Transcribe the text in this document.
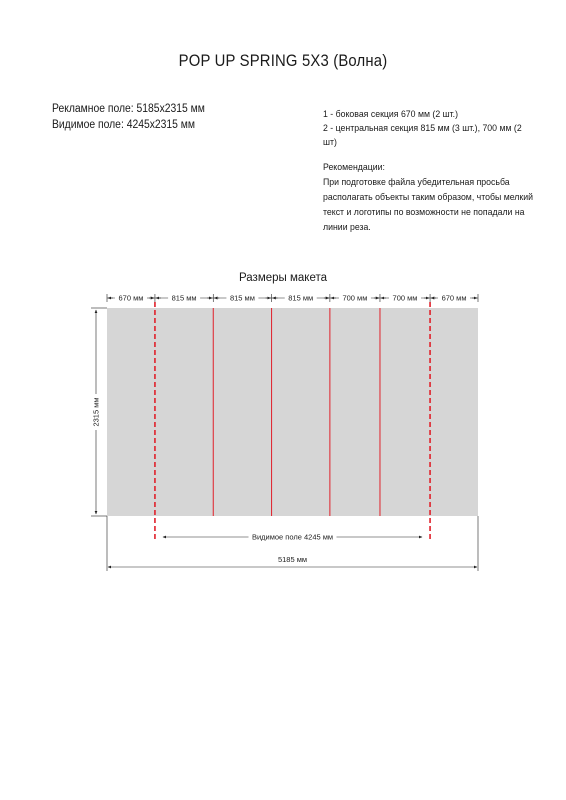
POP UP SPRING 5X3 (Волна)
Рекламное поле: 5185х2315 мм
Видимое поле: 4245х2315 мм
1 - боковая секция 670 мм (2 шт.)
2 - центральная секция 815 мм (3 шт.), 700 мм (2 шт)
Рекомендации:
При подготовке файла убедительная просьба располагать объекты таким образом, чтобы мелкий текст и логотипы по возможности не попадали на линии реза.
Размеры макета
670 мм	815 мм	815 мм	815 мм	700 мм	700 мм	670 мм
2315 мм
Видимое поле 4245 мм
5185 мм
